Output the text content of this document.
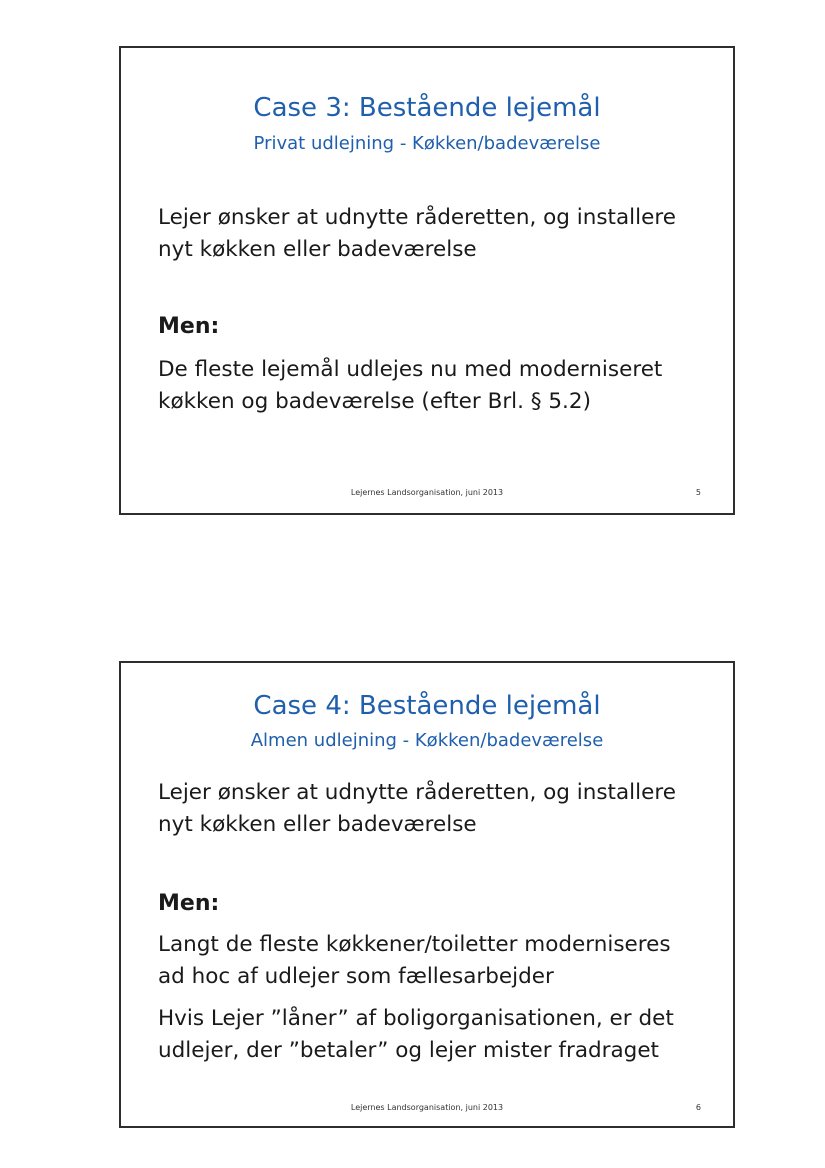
Case 3: Bestående lejemål
Privat udlejning - Køkken/badeværelse
Lejer ønsker at udnytte råderetten, og installere
nyt køkken eller badeværelse
Men:
De fleste lejemål udlejes nu med moderniseret
køkken og badeværelse (efter Brl. § 5.2)
Lejernes Landsorganisation, juni 2013	5
Case 4: Bestående lejemål
Almen udlejning - Køkken/badeværelse
Lejer ønsker at udnytte råderetten, og installere
nyt køkken eller badeværelse
Men:
Langt de fleste køkkener/toiletter moderniseres
ad hoc af udlejer som fællesarbejder
Hvis Lejer ”låner” af boligorganisationen, er det
udlejer, der ”betaler” og lejer mister fradraget
Lejernes Landsorganisation, juni 2013	6
